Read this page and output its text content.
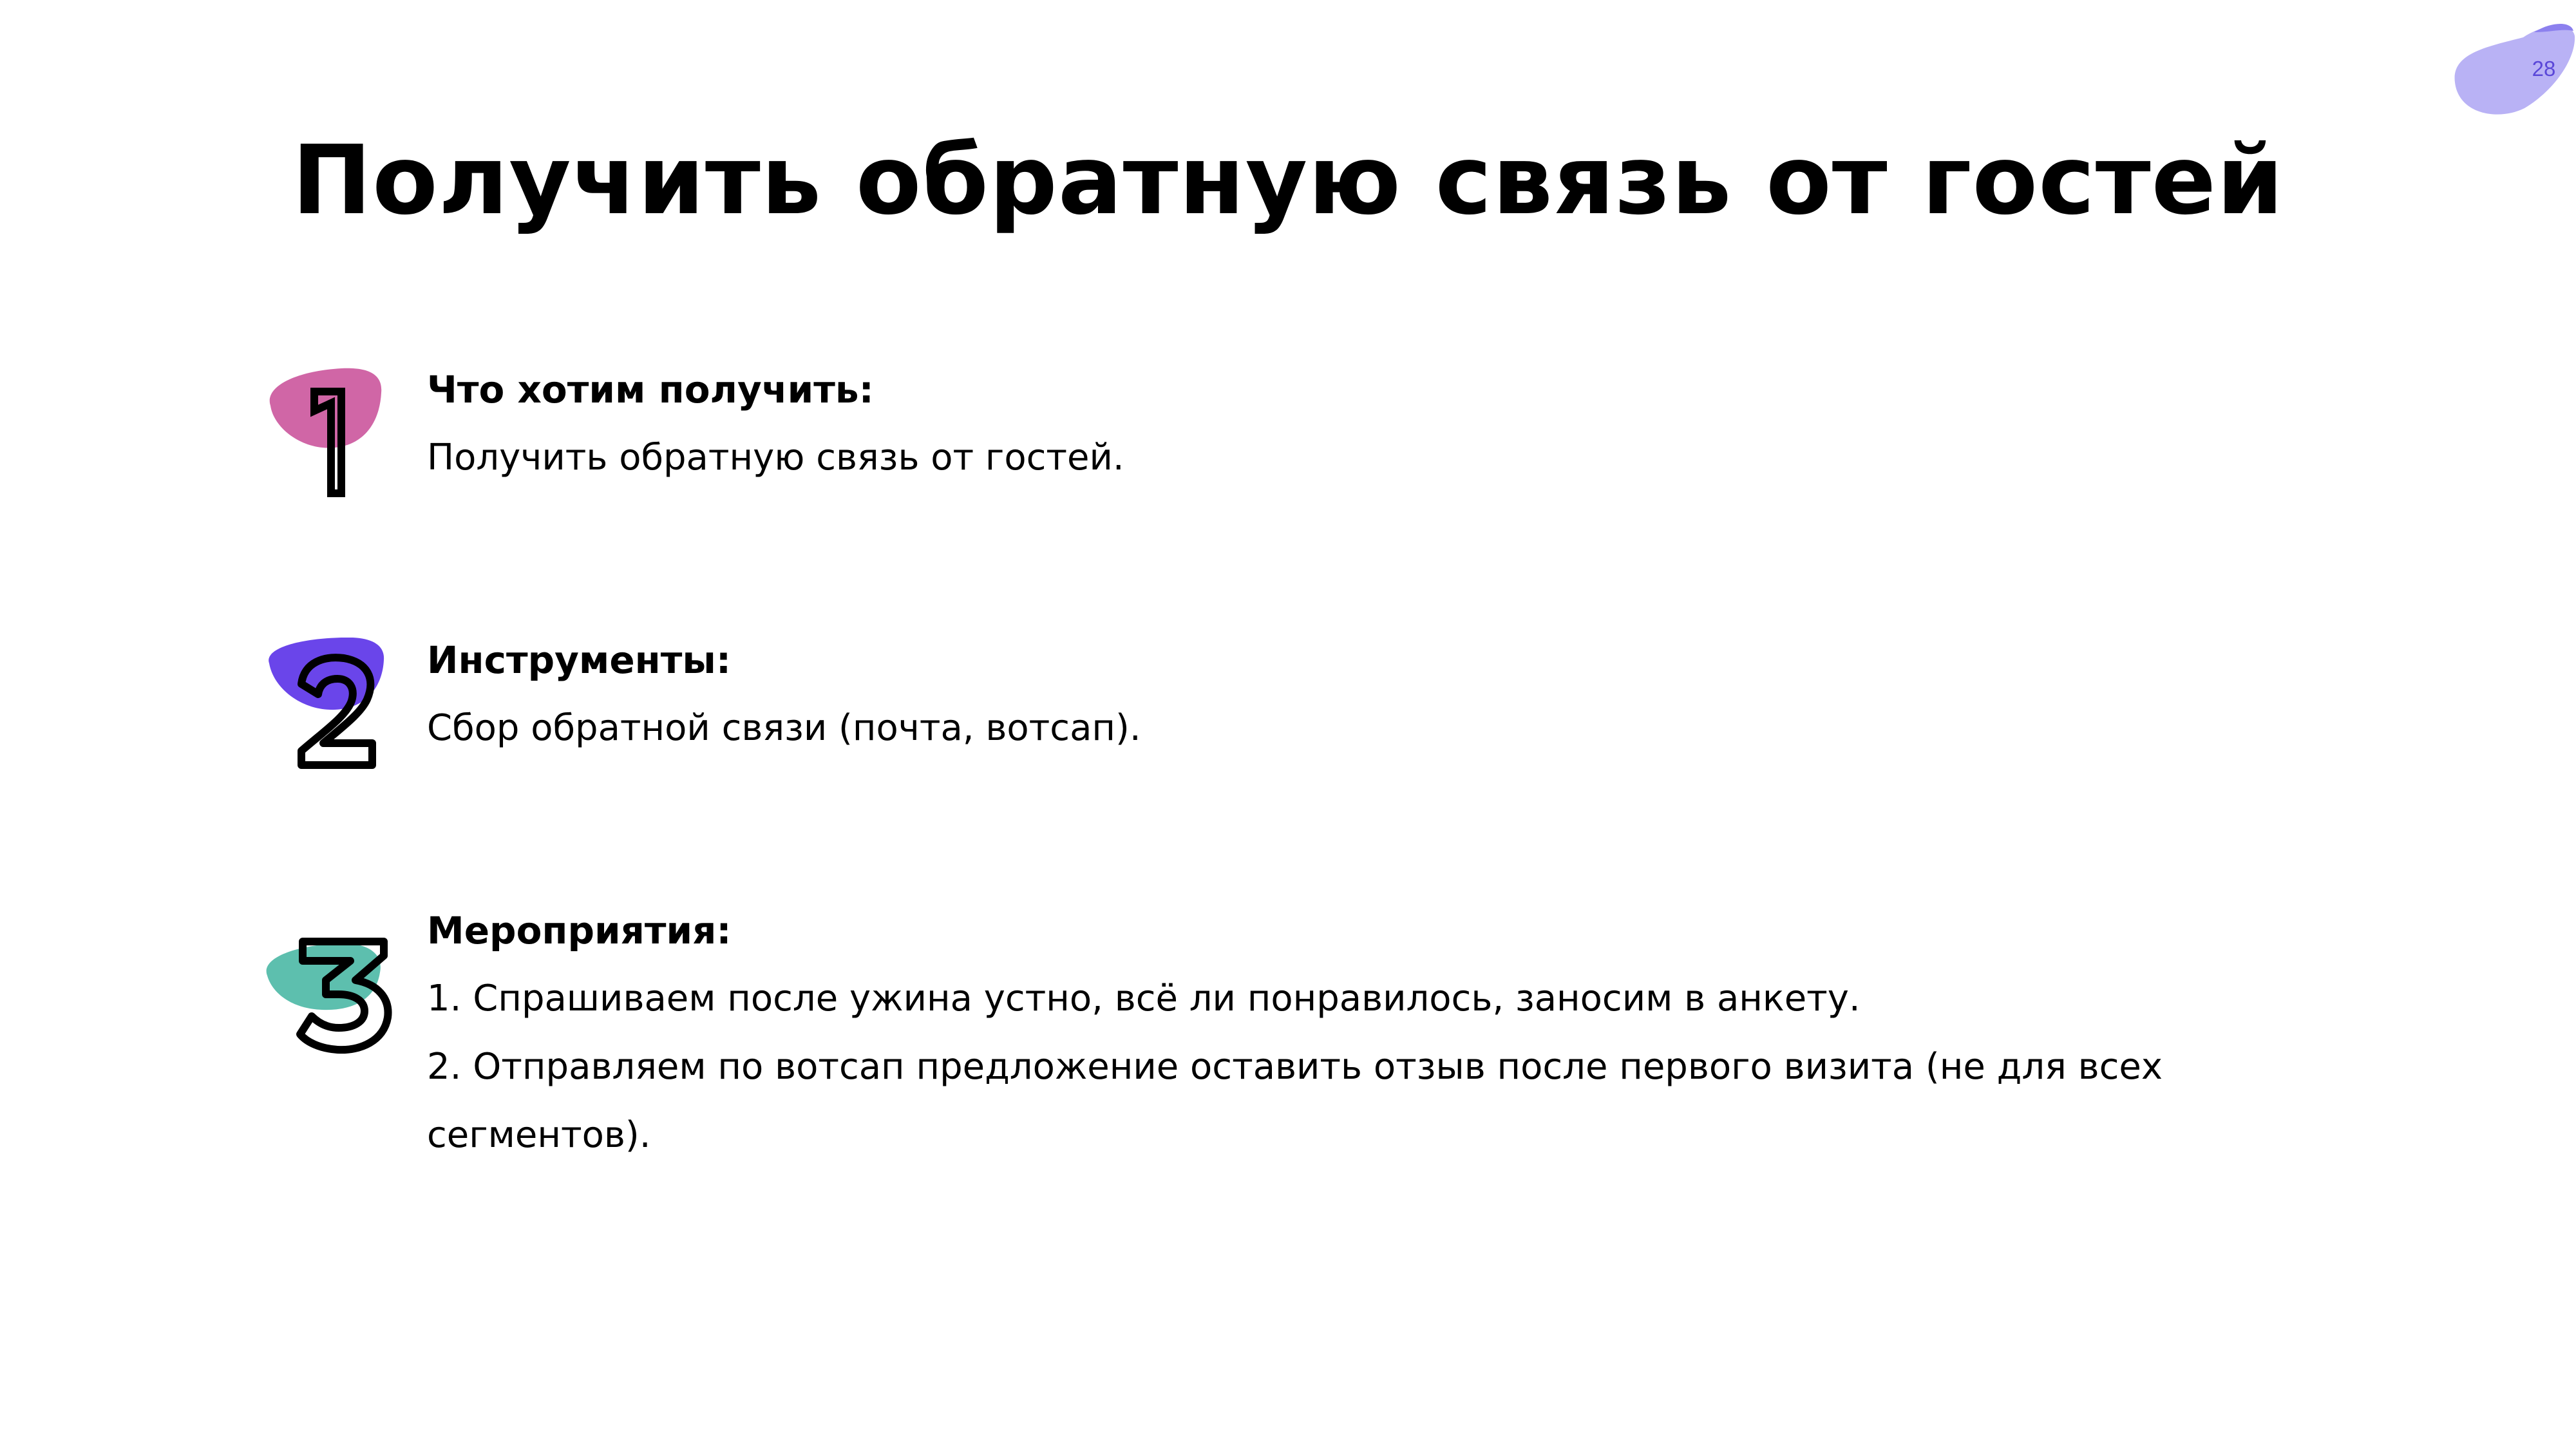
28
Получить обратную связь от гостей
Что хотим получить:
Получить обратную связь от гостей.
Инструменты:
Сбор обратной связи (почта, вотсап).
Мероприятия:
1. Спрашиваем после ужина устно, всё ли понравилось, заносим в анкету.
2. Отправляем по вотсап предложение оставить отзыв после первого визита (не для всех
сегментов).
